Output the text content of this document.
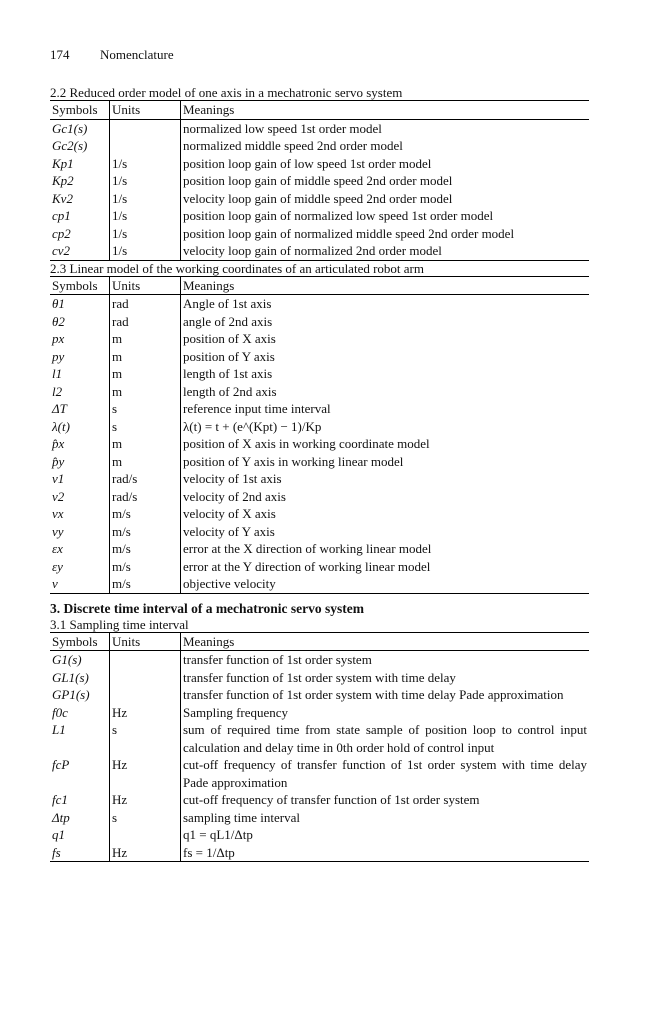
174 Nomenclature
2.2 Reduced order model of one axis in a mechatronic servo system
Symbols	Units	Meanings
Gc1(s)		normalized low speed 1st order model
Gc2(s)		normalized middle speed 2nd order model
Kp1	1/s	position loop gain of low speed 1st order model
Kp2	1/s	position loop gain of middle speed 2nd order model
Kv2	1/s	velocity loop gain of middle speed 2nd order model
cp1	1/s	position loop gain of normalized low speed 1st order model
cp2	1/s	position loop gain of normalized middle speed 2nd order model
cv2	1/s	velocity loop gain of normalized 2nd order model
2.3 Linear model of the working coordinates of an articulated robot arm
Symbols	Units	Meanings
θ1	rad	Angle of 1st axis
θ2	rad	angle of 2nd axis
px	m	position of X axis
py	m	position of Y axis
l1	m	length of 1st axis
l2	m	length of 2nd axis
ΔT	s	reference input time interval
λ(t)	s	λ(t) = t + (e^(Kpt) − 1)/Kp
p̂x	m	position of X axis in working coordinate model
p̂y	m	position of Y axis in working linear model
v1	rad/s	velocity of 1st axis
v2	rad/s	velocity of 2nd axis
vx	m/s	velocity of X axis
vy	m/s	velocity of Y axis
εx	m/s	error at the X direction of working linear model
εy	m/s	error at the Y direction of working linear model
v	m/s	objective velocity
3. Discrete time interval of a mechatronic servo system
3.1 Sampling time interval
Symbols	Units	Meanings
G1(s)		transfer function of 1st order system
GL1(s)		transfer function of 1st order system with time delay
GP1(s)		transfer function of 1st order system with time delay Pade approximation
f0c	Hz	Sampling frequency
L1	s	sum of required time from state sample of position loop to control input calculation and delay time in 0th order hold of control input
fcP	Hz	cut-off frequency of transfer function of 1st order system with time delay Pade approximation
fc1	Hz	cut-off frequency of transfer function of 1st order system
Δtp	s	sampling time interval
q1		q1 = qL1/Δtp
fs	Hz	fs = 1/Δtp
